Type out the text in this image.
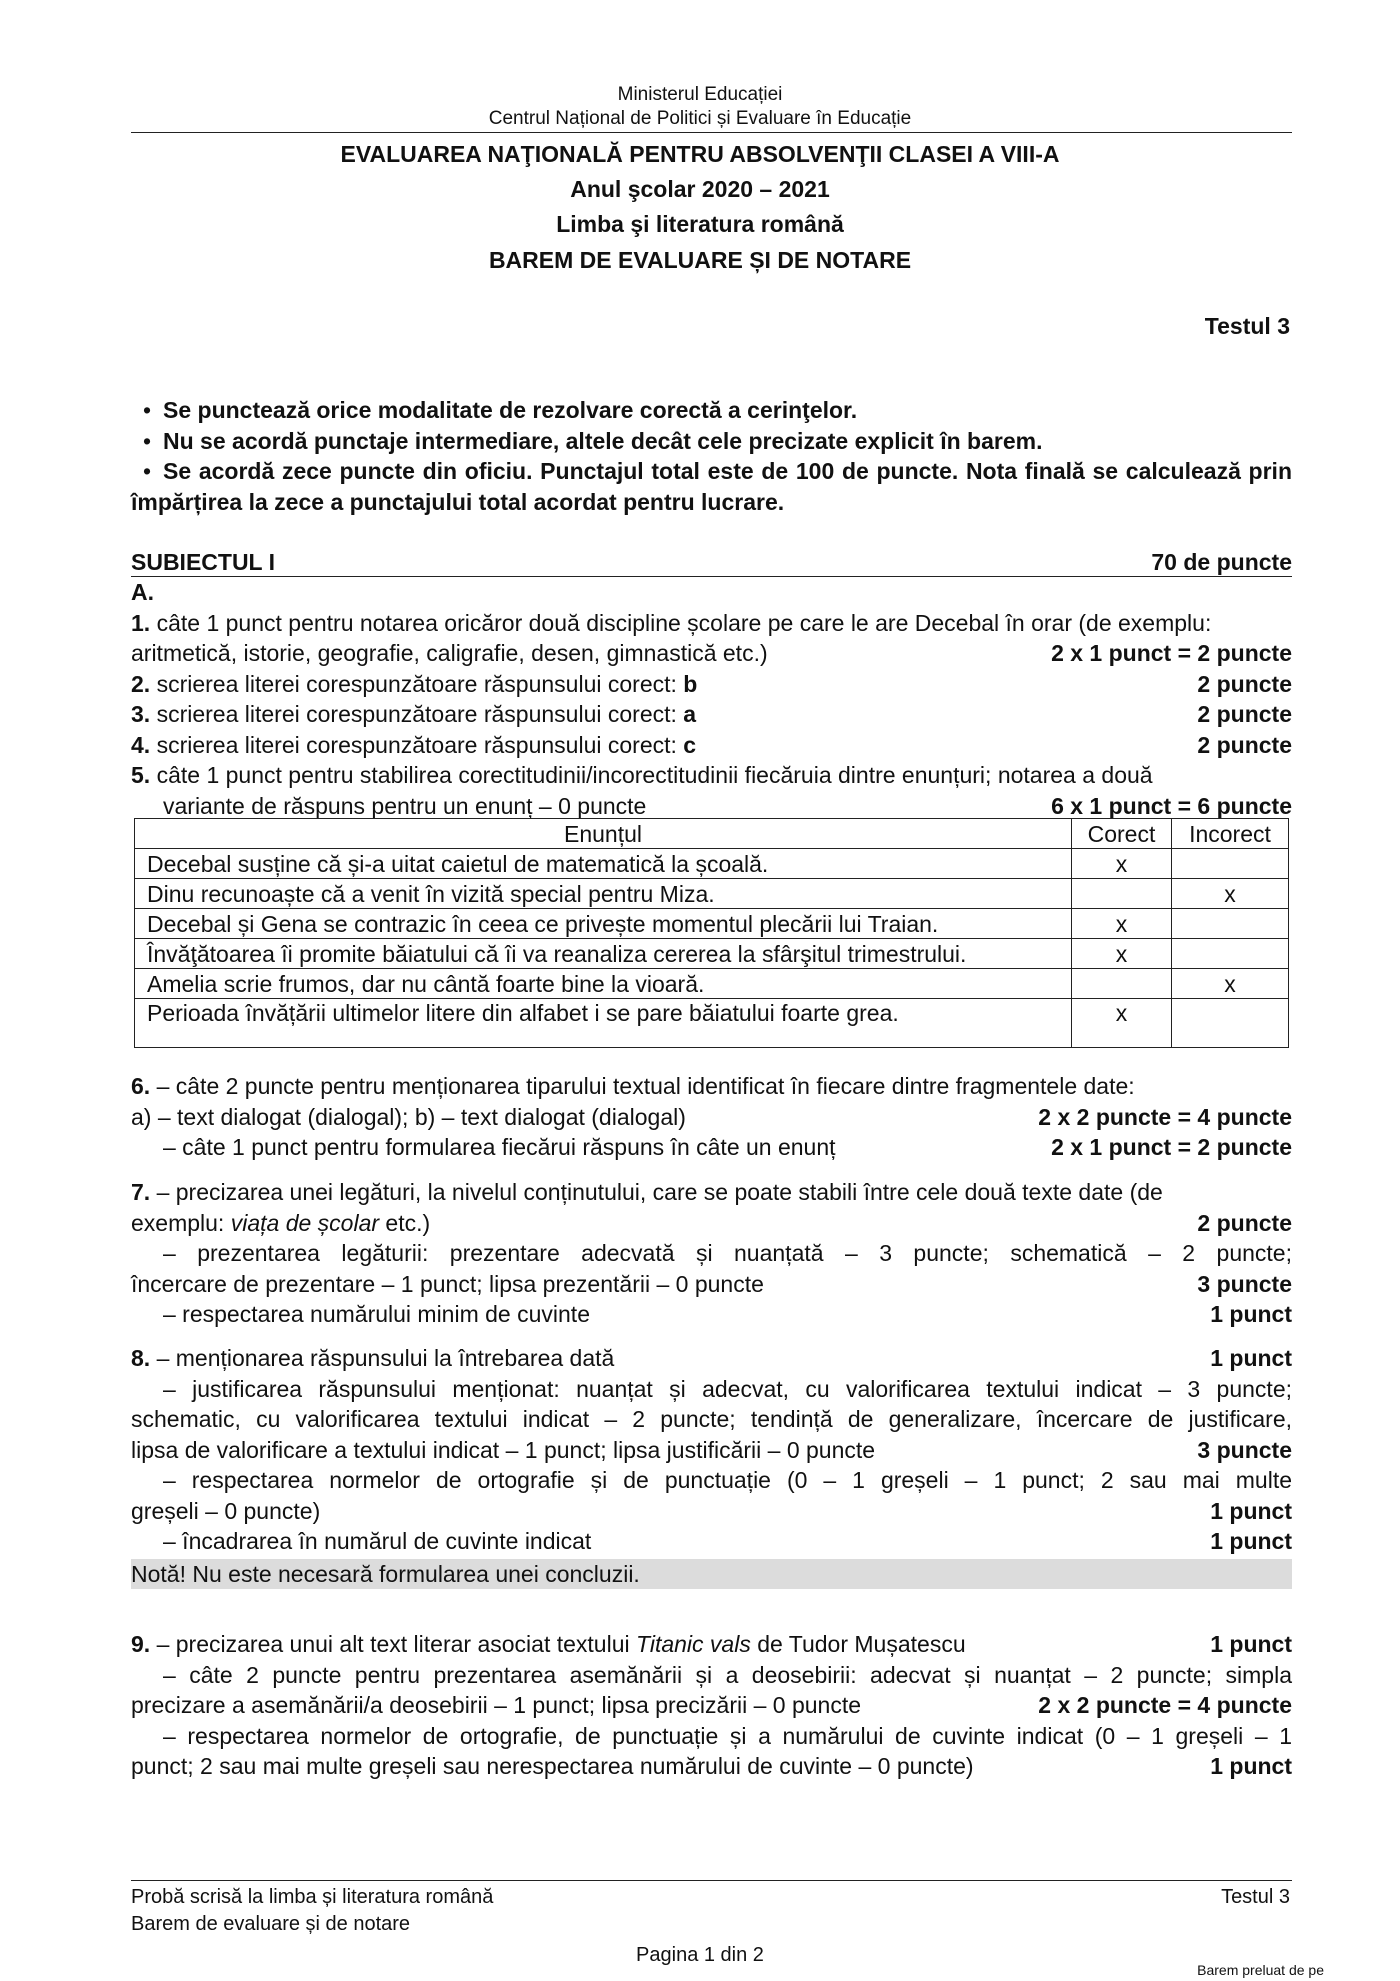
Ministerul Educației
Centrul Național de Politici și Evaluare în Educație
EVALUAREA NAŢIONALĂ PENTRU ABSOLVENŢII CLASEI A VIII-A
Anul şcolar 2020 – 2021
Limba şi literatura română
BAREM DE EVALUARE ȘI DE NOTARE
Testul 3
• Se punctează orice modalitate de rezolvare corectă a cerinţelor.
• Nu se acordă punctaje intermediare, altele decât cele precizate explicit în barem.
• Se acordă zece puncte din oficiu. Punctajul total este de 100 de puncte. Nota finală se calculează prin împărțirea la zece a punctajului total acordat pentru lucrare.
SUBIECTUL I	70 de puncte
A.
1. câte 1 punct pentru notarea oricăror două discipline școlare pe care le are Decebal în orar (de exemplu:
aritmetică, istorie, geografie, caligrafie, desen, gimnastică etc.)	2 x 1 punct = 2 puncte
2. scrierea literei corespunzătoare răspunsului corect: b	2 puncte
3. scrierea literei corespunzătoare răspunsului corect: a	2 puncte
4. scrierea literei corespunzătoare răspunsului corect: c	2 puncte
5. câte 1 punct pentru stabilirea corectitudinii/incorectitudinii fiecăruia dintre enunțuri; notarea a două
variante de răspuns pentru un enunț – 0 puncte	6 x 1 punct = 6 puncte
Enunțul	Corect	Incorect
Decebal susține că și-a uitat caietul de matematică la școală.	x	
Dinu recunoaște că a venit în vizită special pentru Miza.		x
Decebal și Gena se contrazic în ceea ce privește momentul plecării lui Traian.	x	
Învăţătoarea îi promite băiatului că îi va reanaliza cererea la sfârşitul trimestrului.	x	
Amelia scrie frumos, dar nu cântă foarte bine la vioară.		x
Perioada învățării ultimelor litere din alfabet i se pare băiatului foarte grea.	x	
6. – câte 2 puncte pentru menționarea tiparului textual identificat în fiecare dintre fragmentele date:
a) – text dialogat (dialogal); b) – text dialogat (dialogal)	2 x 2 puncte = 4 puncte
– câte 1 punct pentru formularea fiecărui răspuns în câte un enunț	2 x 1 punct = 2 puncte
7. – precizarea unei legături, la nivelul conținutului, care se poate stabili între cele două texte date (de
exemplu: viața de școlar etc.)	2 puncte
– prezentarea legăturii: prezentare adecvată și nuanțată – 3 puncte; schematică – 2 puncte;
încercare de prezentare – 1 punct; lipsa prezentării – 0 puncte	3 puncte
– respectarea numărului minim de cuvinte	1 punct
8. – menționarea răspunsului la întrebarea dată	1 punct
– justificarea răspunsului menționat: nuanțat și adecvat, cu valorificarea textului indicat – 3 puncte;
schematic, cu valorificarea textului indicat – 2 puncte; tendință de generalizare, încercare de justificare,
lipsa de valorificare a textului indicat – 1 punct; lipsa justificării – 0 puncte	3 puncte
– respectarea normelor de ortografie și de punctuație (0 – 1 greșeli – 1 punct; 2 sau mai multe
greșeli – 0 puncte)	1 punct
– încadrarea în numărul de cuvinte indicat	1 punct
Notă! Nu este necesară formularea unei concluzii.
9. – precizarea unui alt text literar asociat textului Titanic vals de Tudor Mușatescu	1 punct
– câte 2 puncte pentru prezentarea asemănării și a deosebirii: adecvat și nuanțat – 2 puncte; simpla
precizare a asemănării/a deosebirii – 1 punct; lipsa precizării – 0 puncte	2 x 2 puncte = 4 puncte
– respectarea normelor de ortografie, de punctuație și a numărului de cuvinte indicat (0 – 1 greșeli – 1
punct; 2 sau mai multe greșeli sau nerespectarea numărului de cuvinte – 0 puncte)	1 punct
Probă scrisă la limba și literatura română
Barem de evaluare și de notare
Testul 3
Pagina 1 din 2
Barem preluat de pe
